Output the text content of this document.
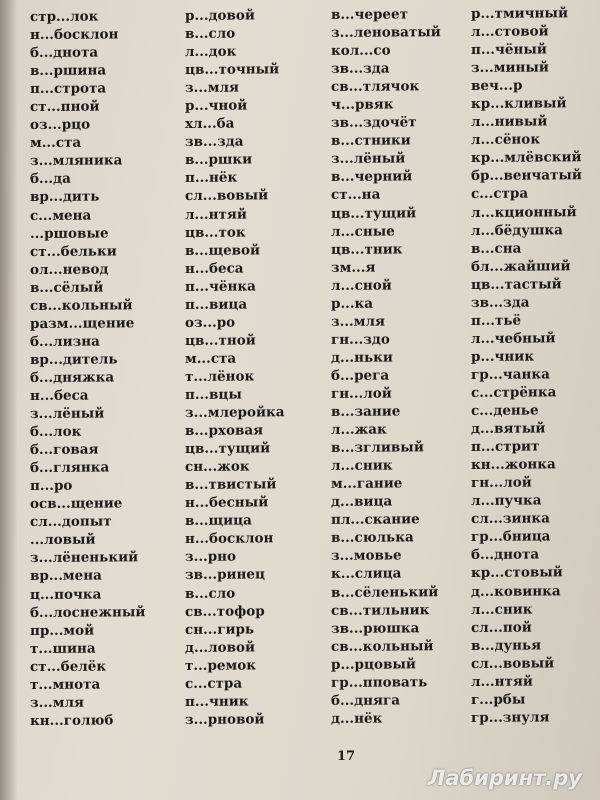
стр...лок	р...довой	в...череет	р...тмичный
н...босклон	в...сло	з...леноватый	л...стовой
б...днота	л...док	кол...со	п...чёный
в...ршина	цв...точный	зв...зда	з...миный
п...строта	з...мля	св...тлячок	веч...р
ст...пной	р...чной	ч...рвяк	кр...кливый
оз...рцо	хл...ба	зв...здочёт	л...нивый
м...ста	зв...зда	в...стники	л...сёнок
з...мляника	в...ршки	з...лёный	кр...млёвский
б...да	п...нёк	в...черний	бр...венчатый
вр...дить	сл...вовый	ст...на	с...стра
с...мена	л...нтяй	цв...тущий	л...кционный
...ршовые	цв...ток	л...сные	л...бёдушка
ст...бельки	в...щевой	цв...тник	в...сна
ол...невод	н...беса	зм...я	бл...жайший
в...сёлый	п...чёнка	л...сной	цв...тастый
св...кольный	п...вица	р...ка	зв...зда
разм...щение	оз...ро	з...мля	п...тьё
б...лизна	цв...тной	гн...здо	л...чебный
вр...дитель	м...ста	д...ньки	р...чник
б...дняжка	т...лёнок	б...рега	гр...чанка
н...беса	п...вцы	гн...лой	с...стрёнка
з...лёный	з...млеройка	в...зание	с...денье
б...лок	в...рховая	л...жак	д...вятый
б...говая	цв...тущий	в...згливый	п...стрит
б...глянка	сн...жок	л...сник	кн...жонка
п...ро	в...твистый	м...гание	гн...лой
осв...щение	н...бесный	д...вица	л...пучка
сл...допыт	в...щица	пл...скание	сл...зинка
...ловый	н...босклон	в...сюлька	гр...бница
з...лёненький	з...рно	з...мовье	б...днота
вр...мена	зв...ринец	к...слица	кр...стовый
ц...почка	в...сло	в...сёленький	д...ковинка
б...лоснежный	св...тофор	св...тильник	л...сник
пр...мой	сн...гирь	зв...рюшка	сл...пой
т...шина	д...ловой	св...кольный	в...дунья
ст...белёк	т...ремок	р...рцовый	сл...вовый
т...мнота	с...стра	гр...пповать	л...нтяй
з...мля	п...чник	б...дняга	г...рбы
кн...голюб	з...рновой	д...нёк	гр...знуля
17
Лабиринт.ру
